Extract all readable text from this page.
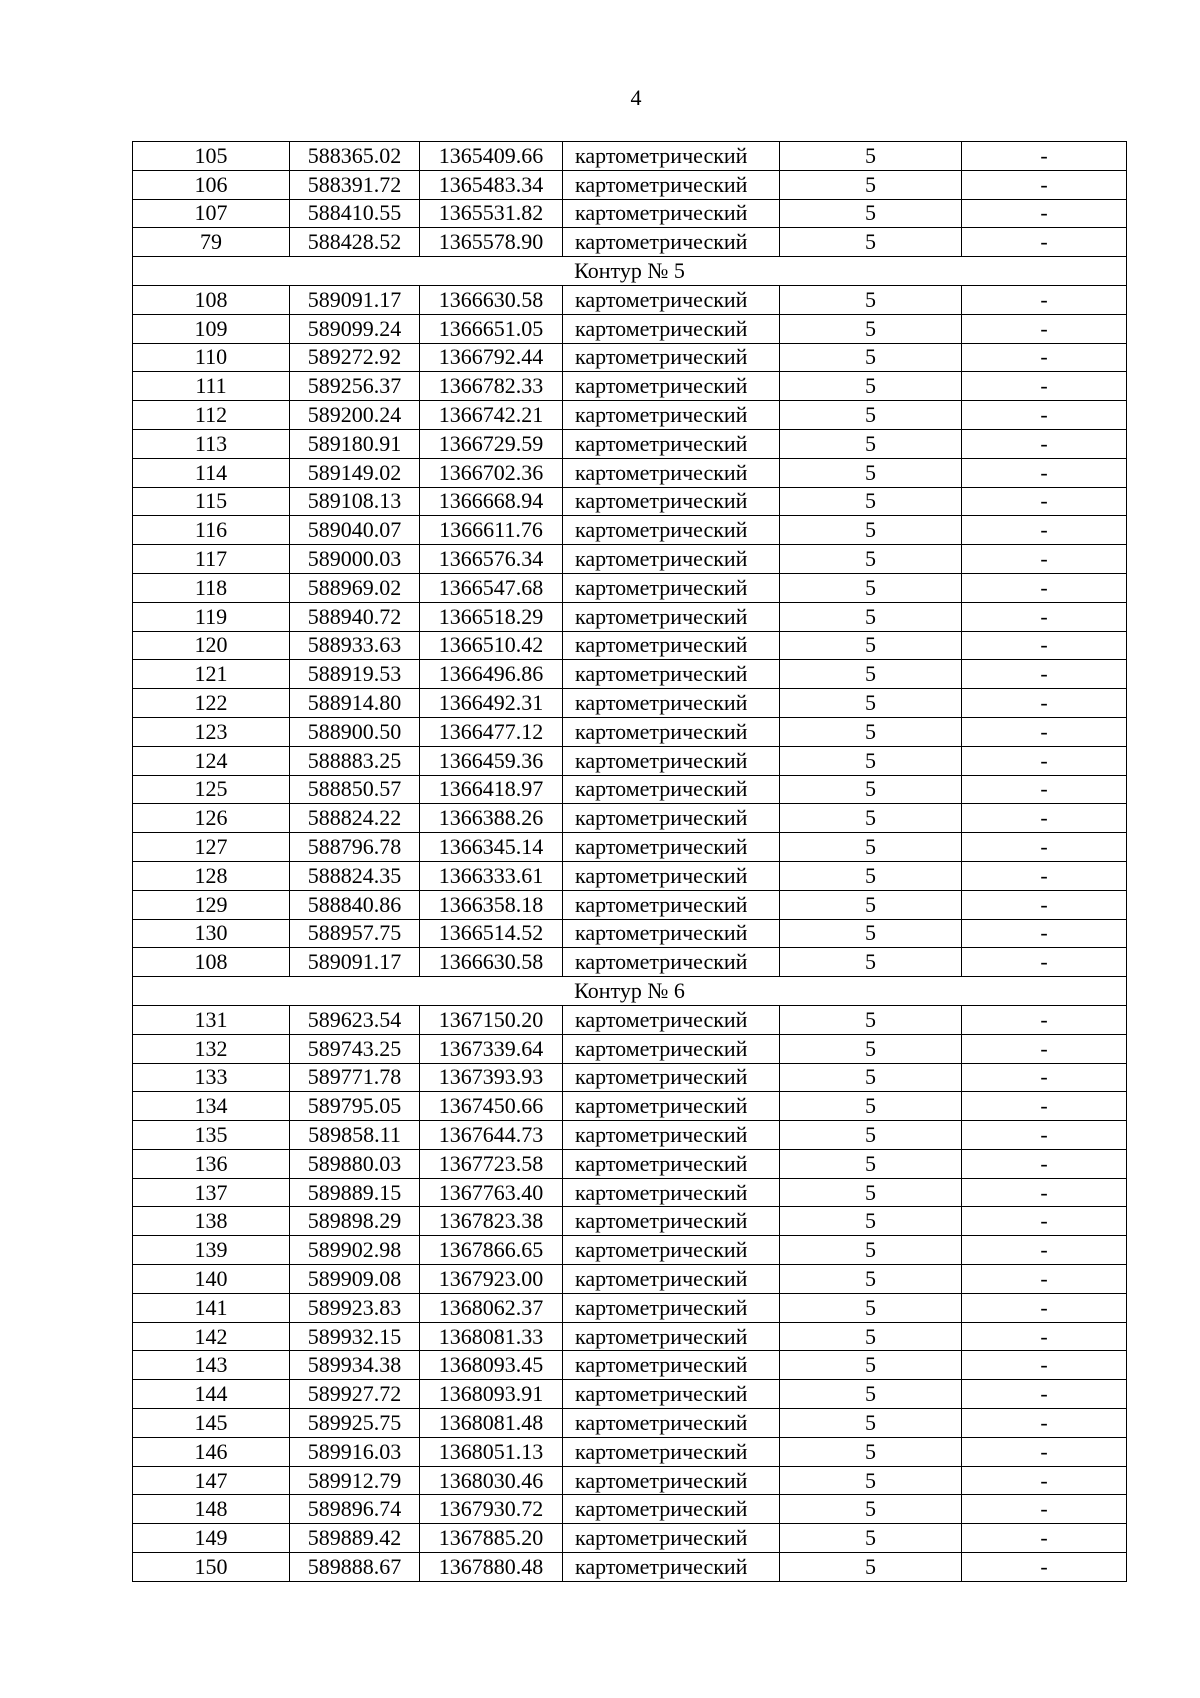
4
105	588365.02	1365409.66	картометрический	5	-
106	588391.72	1365483.34	картометрический	5	-
107	588410.55	1365531.82	картометрический	5	-
79	588428.52	1365578.90	картометрический	5	-
Контур № 5					
108	589091.17	1366630.58	картометрический	5	-
109	589099.24	1366651.05	картометрический	5	-
110	589272.92	1366792.44	картометрический	5	-
111	589256.37	1366782.33	картометрический	5	-
112	589200.24	1366742.21	картометрический	5	-
113	589180.91	1366729.59	картометрический	5	-
114	589149.02	1366702.36	картометрический	5	-
115	589108.13	1366668.94	картометрический	5	-
116	589040.07	1366611.76	картометрический	5	-
117	589000.03	1366576.34	картометрический	5	-
118	588969.02	1366547.68	картометрический	5	-
119	588940.72	1366518.29	картометрический	5	-
120	588933.63	1366510.42	картометрический	5	-
121	588919.53	1366496.86	картометрический	5	-
122	588914.80	1366492.31	картометрический	5	-
123	588900.50	1366477.12	картометрический	5	-
124	588883.25	1366459.36	картометрический	5	-
125	588850.57	1366418.97	картометрический	5	-
126	588824.22	1366388.26	картометрический	5	-
127	588796.78	1366345.14	картометрический	5	-
128	588824.35	1366333.61	картометрический	5	-
129	588840.86	1366358.18	картометрический	5	-
130	588957.75	1366514.52	картометрический	5	-
108	589091.17	1366630.58	картометрический	5	-
Контур № 6					
131	589623.54	1367150.20	картометрический	5	-
132	589743.25	1367339.64	картометрический	5	-
133	589771.78	1367393.93	картометрический	5	-
134	589795.05	1367450.66	картометрический	5	-
135	589858.11	1367644.73	картометрический	5	-
136	589880.03	1367723.58	картометрический	5	-
137	589889.15	1367763.40	картометрический	5	-
138	589898.29	1367823.38	картометрический	5	-
139	589902.98	1367866.65	картометрический	5	-
140	589909.08	1367923.00	картометрический	5	-
141	589923.83	1368062.37	картометрический	5	-
142	589932.15	1368081.33	картометрический	5	-
143	589934.38	1368093.45	картометрический	5	-
144	589927.72	1368093.91	картометрический	5	-
145	589925.75	1368081.48	картометрический	5	-
146	589916.03	1368051.13	картометрический	5	-
147	589912.79	1368030.46	картометрический	5	-
148	589896.74	1367930.72	картометрический	5	-
149	589889.42	1367885.20	картометрический	5	-
150	589888.67	1367880.48	картометрический	5	-
